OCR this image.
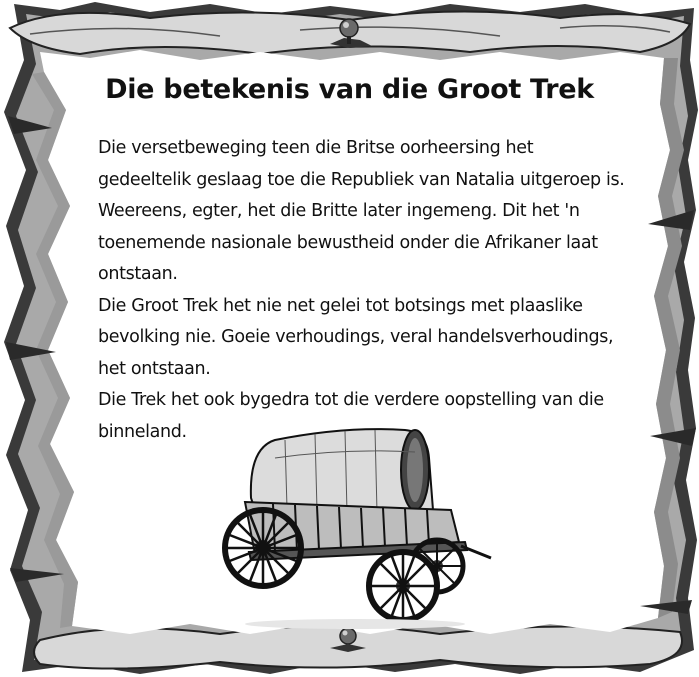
Die betekenis van die Groot Trek
Die versetbeweging teen die Britse oorheersing het
gedeeltelik geslaag toe die Republiek van Natalia uitgeroep is.
Weereens, egter, het die Britte later ingemeng. Dit het 'n
toenemende nasionale bewustheid onder die Afrikaner laat
ontstaan.
Die Groot Trek het nie net gelei tot botsings met plaaslike
bevolking nie. Goeie verhoudings, veral handelsverhoudings,
het ontstaan.
Die Trek het ook bygedra tot die verdere oopstelling van die
binneland.
